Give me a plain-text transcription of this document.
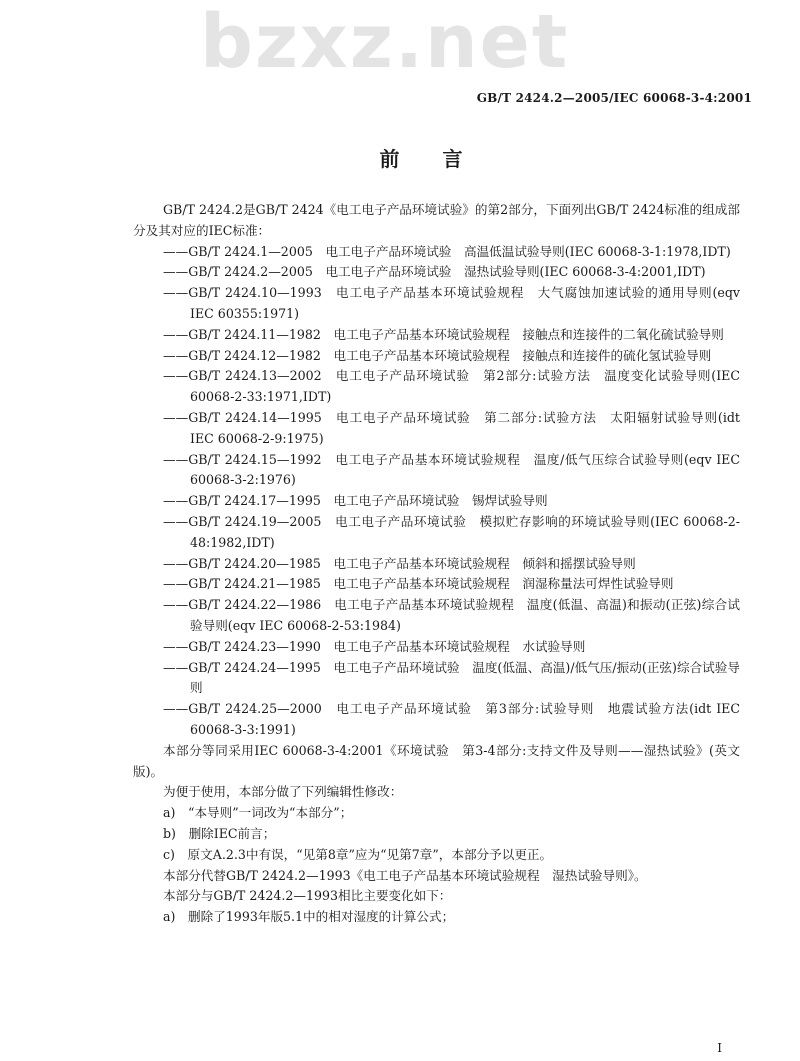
bzxz.net
GB/T 2424.2—2005/IEC 60068-3-4:2001
前 言

GB/T 2424.2是GB/T 2424《电工电子产品环境试验》的第2部分，下面列出GB/T 2424标准的组成部分及其对应的IEC标准：

——GB/T 2424.1—2005　电工电子产品环境试验　高温低温试验导则(IEC 60068-3-1:1978,IDT)
——GB/T 2424.2—2005　电工电子产品环境试验　湿热试验导则(IEC 60068-3-4:2001,IDT)
——GB/T 2424.10—1993　电工电子产品基本环境试验规程　大气腐蚀加速试验的通用导则(eqv IEC 60355:1971)
——GB/T 2424.11—1982　电工电子产品基本环境试验规程　接触点和连接件的二氧化硫试验导则
——GB/T 2424.12—1982　电工电子产品基本环境试验规程　接触点和连接件的硫化氢试验导则
——GB/T 2424.13—2002　电工电子产品环境试验　第2部分:试验方法　温度变化试验导则(IEC 60068-2-33:1971,IDT)
——GB/T 2424.14—1995　电工电子产品环境试验　第二部分:试验方法　太阳辐射试验导则(idt IEC 60068-2-9:1975)
——GB/T 2424.15—1992　电工电子产品基本环境试验规程　温度/低气压综合试验导则(eqv IEC 60068-3-2:1976)
——GB/T 2424.17—1995　电工电子产品环境试验　锡焊试验导则
——GB/T 2424.19—2005　电工电子产品环境试验　模拟贮存影响的环境试验导则(IEC 60068-2-48:1982,IDT)
——GB/T 2424.20—1985　电工电子产品基本环境试验规程　倾斜和摇摆试验导则
——GB/T 2424.21—1985　电工电子产品基本环境试验规程　润湿称量法可焊性试验导则
——GB/T 2424.22—1986　电工电子产品基本环境试验规程　温度(低温、高温)和振动(正弦)综合试验导则(eqv IEC 60068-2-53:1984)
——GB/T 2424.23—1990　电工电子产品基本环境试验规程　水试验导则
——GB/T 2424.24—1995　电工电子产品环境试验　温度(低温、高温)/低气压/振动(正弦)综合试验导则
——GB/T 2424.25—2000　电工电子产品环境试验　第3部分:试验导则　地震试验方法(idt IEC 60068-3-3:1991)

本部分等同采用IEC 60068-3-4:2001《环境试验　第3-4部分:支持文件及导则——湿热试验》(英文版)。

为便于使用，本部分做了下列编辑性修改：

a)　“本导则”一词改为“本部分”；
b)　删除IEC前言；
c)　原文A.2.3中有误，“见第8章”应为“见第7章”，本部分予以更正。

本部分代替GB/T 2424.2—1993《电工电子产品基本环境试验规程　湿热试验导则》。

本部分与GB/T 2424.2—1993相比主要变化如下：

a)　删除了1993年版5.1中的相对湿度的计算公式；
I
